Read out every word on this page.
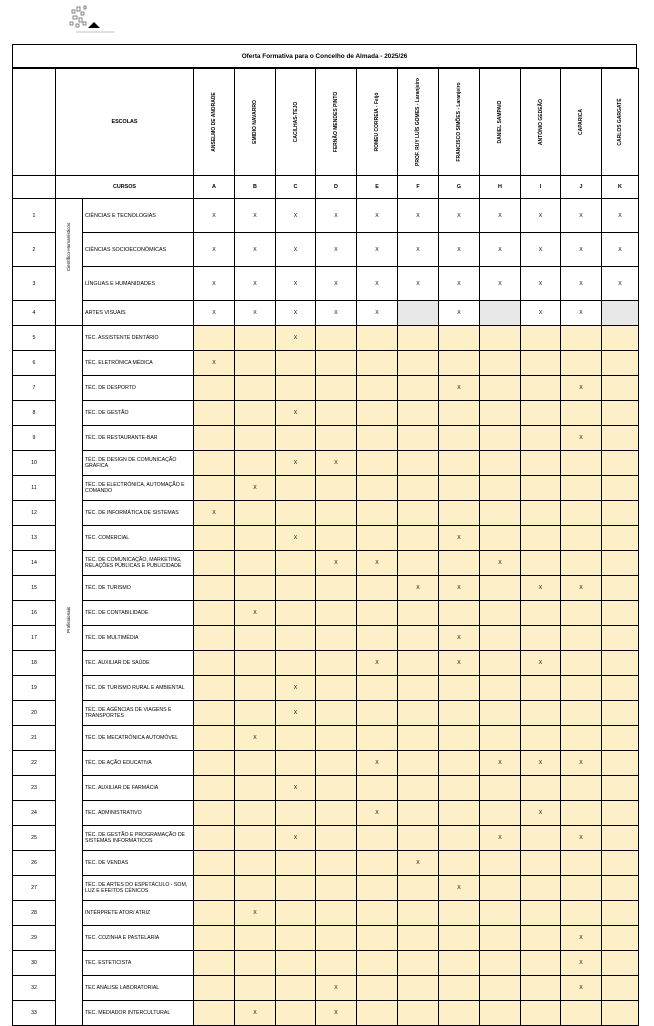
Oferta Formativa para o Concelho de Almada - 2025/26
	ESCOLAS		ANSELMO DE ANDRADE	EMIDIO NAVARRO	CACILHAS-TEJO	FERNÃO MENDES PINTO	ROMEU CORREIA - Feijó	PROF. RUY LUÍS GOMES - Laranjeiro	FRANCISCO SIMÕES - Laranjeiro	DANIEL SAMPAIO	ANTÓNIO GEDEÃO	CAPARICA	CARLOS GARGATÉ

	CURSOS		A	B	C	D	E	F	G	H	I	J	K
1	Científico-Humanísticos	CIÊNCIAS E TECNOLOGIAS	X	X	X	X	X	X	X	X	X	X	X
2		CIÊNCIAS SOCIOECONÓMICAS	X	X	X	X	X	X	X	X	X	X	X
3		LÍNGUAS E HUMANIDADES	X	X	X	X	X	X	X	X	X	X	X
4		ARTES VISUAIS	X	X	X	X	X		X		X	X	
5	Profissionais	TÉC. ASSISTENTE DENTÁRIO			X								
6		TÉC. ELETRÓNICA MÉDICA	X										
7		TÉC. DE DESPORTO							X			X	
8		TÉC. DE GESTÃO			X								
9		TÉC. DE RESTAURANTE-BAR										X	
10		TÉC. DE DESIGN DE COMUNICAÇÃO GRÁFICA			X	X							
11		TÉC. DE ELECTRÓNICA, AUTOMAÇÃO E COMANDO		X									
12		TÉC. DE INFORMÁTICA DE SISTEMAS	X										
13		TÉC. COMERCIAL			X				X				
14		TÉC. DE COMUNICAÇÃO, MARKETING, RELAÇÕES PÚBLICAS E PUBLICIDADE				X	X			X			
15		TÉC. DE TURISMO						X	X		X	X	
16		TÉC. DE CONTABILIDADE		X									
17		TÉC. DE MULTIMÉDIA							X				
18		TÉC. AUXILIAR DE SAÚDE					X		X		X		
19		TÉC. DE TURISMO RURAL E AMBIENTAL			X								
20		TÉC. DE AGÊNCIAS DE VIAGENS E TRANSPORTES			X								
21		TÉC. DE MECATRÓNICA AUTOMÓVEL		X									
22		TÉC. DE AÇÃO EDUCATIVA					X			X	X	X	
23		TEC. AUXILIAR DE FARMÁCIA			X								
24		TEC. ADMINISTRATIVO					X				X		
25		TÉC. DE GESTÃO E PROGRAMAÇÃO DE SISTEMAS INFORMÁTICOS			X					X		X	
26		TÉC. DE VENDAS						X					
27		TÉC. DE ARTES DO ESPETÁCULO - SOM, LUZ E EFEITOS CÉNICOS							X				
28		INTÉRPRETE ATOR/ ATRIZ		X									
29		TEC. COZINHA E PASTELARIA										X	
30		TEC. ESTETICISTA										X	
32		TEC ANÁLISE LABORATORIAL				X						X	
33		TEC. MEDIADOR INTERCULTURAL		X		X							
